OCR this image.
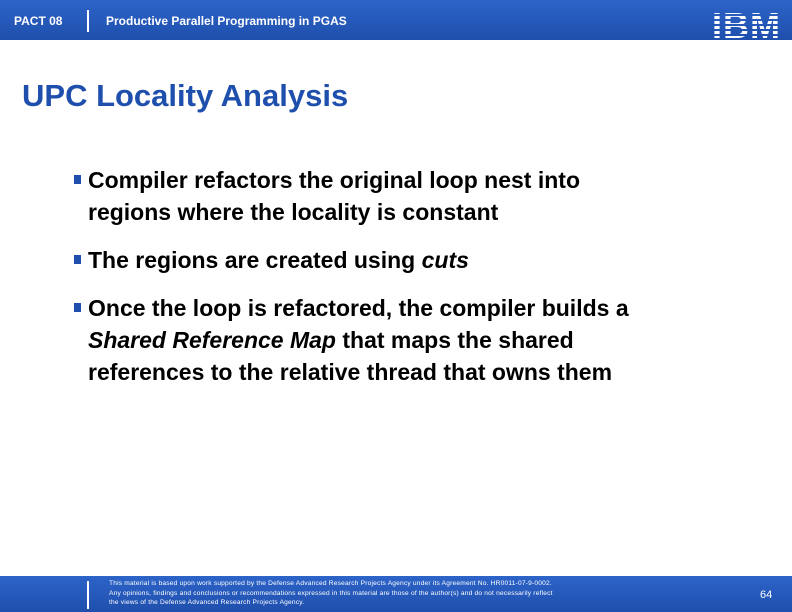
PACT 08	Productive Parallel Programming in PGAS	IBM
UPC Locality Analysis
Compiler refactors the original loop nest into
regions where the locality is constant
The regions are created using cuts
Once the loop is refactored, the compiler builds a
Shared Reference Map that maps the shared
references to the relative thread that owns them
This material is based upon work supported by the Defense Advanced Research Projects Agency under its Agreement No. HR0011-07-9-0002.
Any opinions, findings and conclusions or recommendations expressed in this material are those of the author(s) and do not necessarily reflect
the views of the Defense Advanced Research Projects Agency.
64
